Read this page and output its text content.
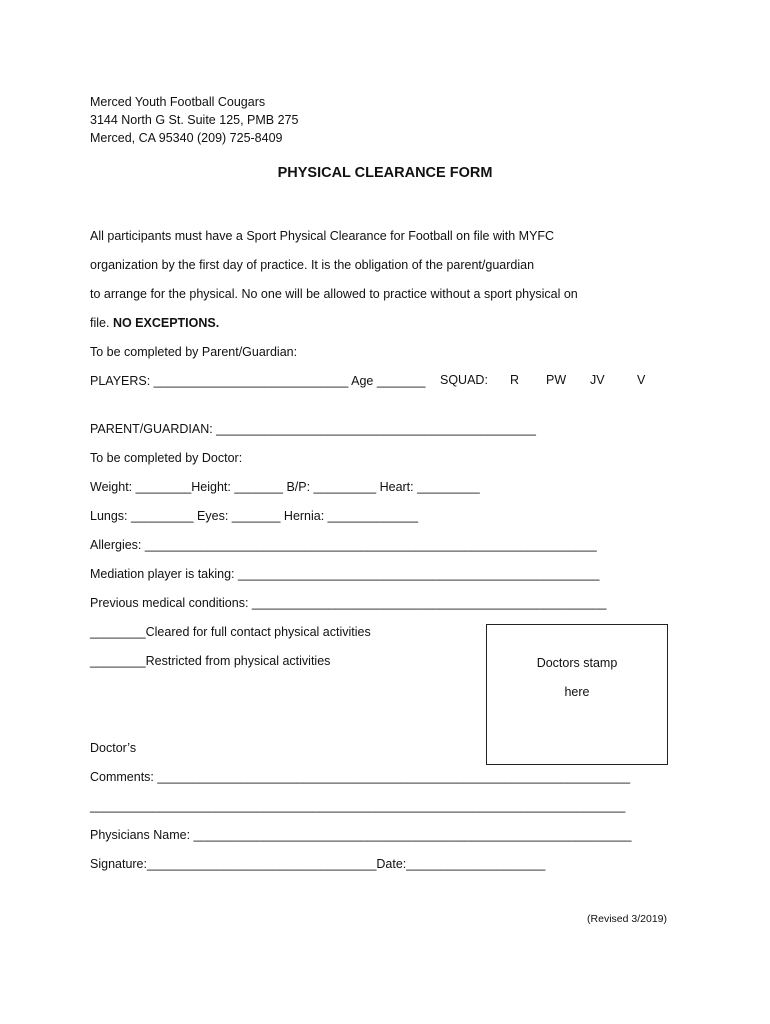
Merced Youth Football Cougars
3144 North G St. Suite 125, PMB 275
Merced, CA 95340 (209) 725-8409
PHYSICAL CLEARANCE FORM
All participants must have a Sport Physical Clearance for Football on file with MYFC
organization by the first day of practice. It is the obligation of the parent/guardian
to arrange for the physical. No one will be allowed to practice without a sport physical on
file. NO EXCEPTIONS.
To be completed by Parent/Guardian:
PLAYERS: ____________________________ Age _______ SQUAD: R PW JV	V
PARENT/GUARDIAN: ______________________________________________
To be completed by Doctor:
Weight: ________Height: _______ B/P: _________ Heart: _________
Lungs: _________ Eyes: _______ Hernia: _____________
Allergies: _________________________________________________________________
Mediation player is taking: ____________________________________________________
Previous medical conditions: ___________________________________________________
________Cleared for full contact physical activities
________Restricted from physical activities	Doctors stamp
here
Doctor’s
Comments: ____________________________________________________________________
_____________________________________________________________________________
Physicians Name: _______________________________________________________________
Signature:_________________________________Date:____________________
(Revised 3/2019)
